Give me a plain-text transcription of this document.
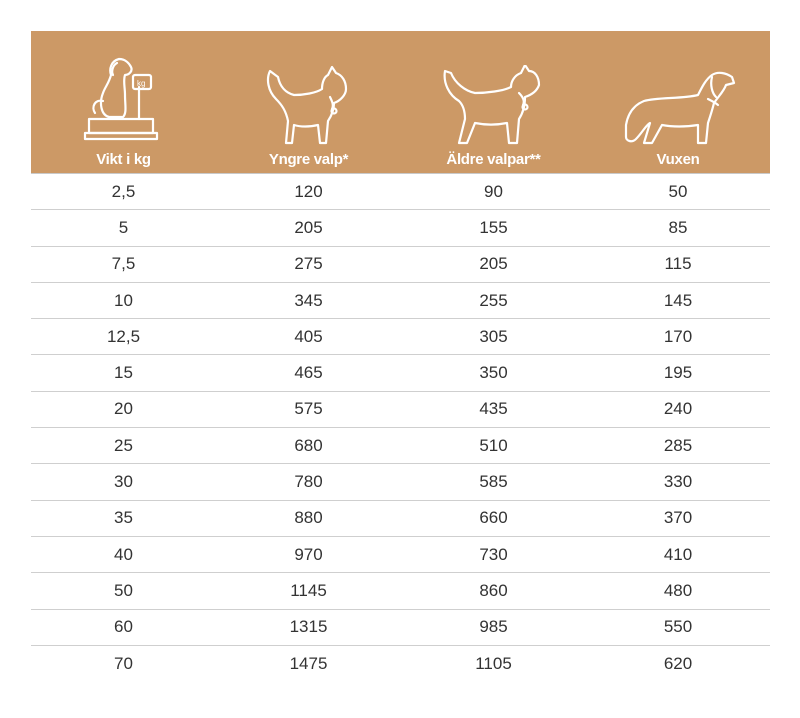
kg
Vikt i kg	Yngre valp*	Äldre valpar**	Vuxen
2,5	120	90	50
5	205	155	85
7,5	275	205	115
10	345	255	145
12,5	405	305	170
15	465	350	195
20	575	435	240
25	680	510	285
30	780	585	330
35	880	660	370
40	970	730	410
50	1145	860	480
60	1315	985	550
70	1475	1105	620
